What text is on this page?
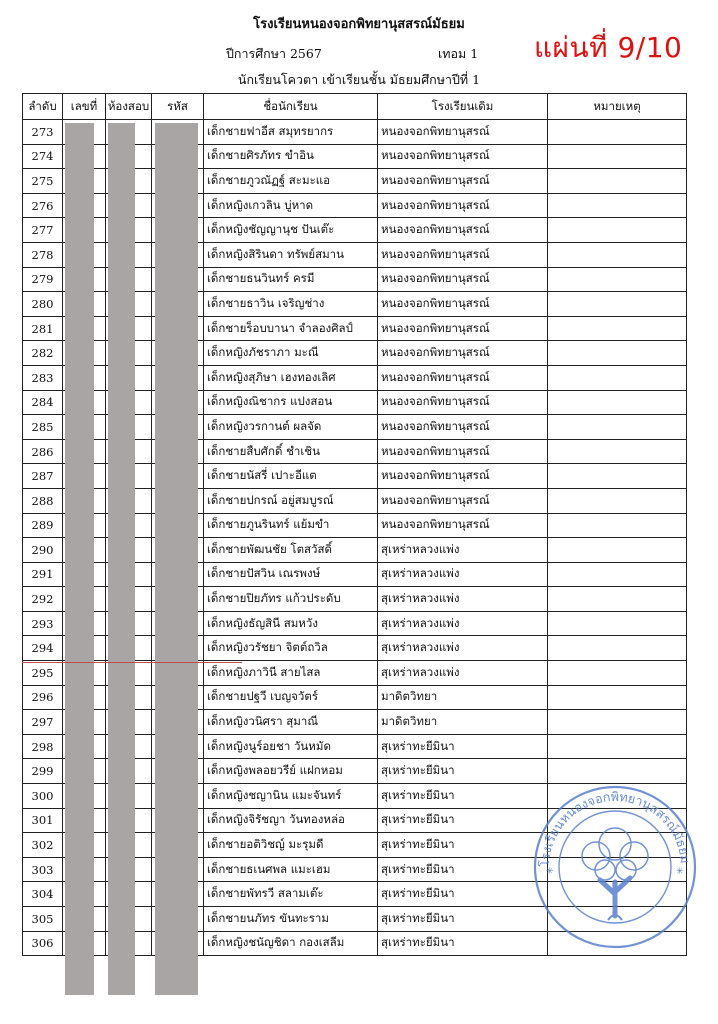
โรงเรียนหนองจอกพิทยานุสสรณ์มัธยม
ปีการศึกษา 2567	เทอม 1
นักเรียนโควตา เข้าเรียนชั้น มัธยมศึกษาปีที่ 1
แผ่นที่ 9/10
ลำดับ	เลขที่	ห้องสอบ	รหัส	ชื่อนักเรียน	โรงเรียนเดิม	หมายเหตุ
273				เด็กชายฟาอีส สมุทรยากร	หนองจอกพิทยานุสรณ์	
274				เด็กชายศิรภัทร ขำอิน	หนองจอกพิทยานุสรณ์	
275				เด็กชายภูวณัฏฐ์ สะมะแอ	หนองจอกพิทยานุสรณ์	
276				เด็กหญิงเกวลิน บู่หาด	หนองจอกพิทยานุสรณ์	
277				เด็กหญิงชัญญานุช ปันเต๊ะ	หนองจอกพิทยานุสรณ์	
278				เด็กหญิงสิรินดา ทรัพย์สมาน	หนองจอกพิทยานุสรณ์	
279				เด็กชายธนวินทร์ ครมี	หนองจอกพิทยานุสรณ์	
280				เด็กชายธาวิน เจริญช่าง	หนองจอกพิทยานุสรณ์	
281				เด็กชายร็อบบานา จำลองศิลป์	หนองจอกพิทยานุสรณ์	
282				เด็กหญิงภัชราภา มะณี	หนองจอกพิทยานุสรณ์	
283				เด็กหญิงสุภิษา เฮงทองเลิศ	หนองจอกพิทยานุสรณ์	
284				เด็กหญิงณิชากร แปงสอน	หนองจอกพิทยานุสรณ์	
285				เด็กหญิงวรกานต์ ผลจัด	หนองจอกพิทยานุสรณ์	
286				เด็กชายสืบศักดิ์ ชำเชิน	หนองจอกพิทยานุสรณ์	
287				เด็กชายนัสรี่ เปาะอีแต	หนองจอกพิทยานุสรณ์	
288				เด็กชายปกรณ์ อยู่สมบูรณ์	หนองจอกพิทยานุสรณ์	
289				เด็กชายภูนรินทร์ แย้มขำ	หนองจอกพิทยานุสรณ์	
290				เด็กชายพัฒนชัย โตสวัสดิ์	สุเหร่าหลวงแพ่ง	
291				เด็กชายปัสวิน เณรพงษ์	สุเหร่าหลวงแพ่ง	
292				เด็กชายปิยภัทร แก้วประดับ	สุเหร่าหลวงแพ่ง	
293				เด็กหญิงธัญสินี สมหวัง	สุเหร่าหลวงแพ่ง	
294				เด็กหญิงวรัชยา จิตต์ถวิล	สุเหร่าหลวงแพ่ง	
295				เด็กหญิงภาวินี สายไสล	สุเหร่าหลวงแพ่ง	
296				เด็กชายปฐวี เบญจวัตร์	มาดิตวิทยา	
297				เด็กหญิงวนิศรา สุมาณี	มาดิตวิทยา	
298				เด็กหญิงนูร์อยชา วันหมัด	สุเหร่าทะยีมินา	
299				เด็กหญิงพลอยวรีย์ แฝกหอม	สุเหร่าทะยีมินา	
300				เด็กหญิงชญานิน แมะจันทร์	สุเหร่าทะยีมินา	
301				เด็กหญิงจิรัชญา วันทองหล่อ	สุเหร่าทะยีมินา	
302				เด็กชายอติวิชญ์ มะรุมดี	สุเหร่าทะยีมินา	
303				เด็กชายธเนศพล แมะเฮม	สุเหร่าทะยีมินา	
304				เด็กชายพัทรวี สลามเต๊ะ	สุเหร่าทะยีมินา	
305				เด็กชายนภัทร ขันทะราม	สุเหร่าทะยีมินา	
306				เด็กหญิงชนัญชิดา กองเสลีม	สุเหร่าทะยีมินา	
โรงเรียนหนองจอกพิทยานุสสรณ์มัธยม
✳	✳
